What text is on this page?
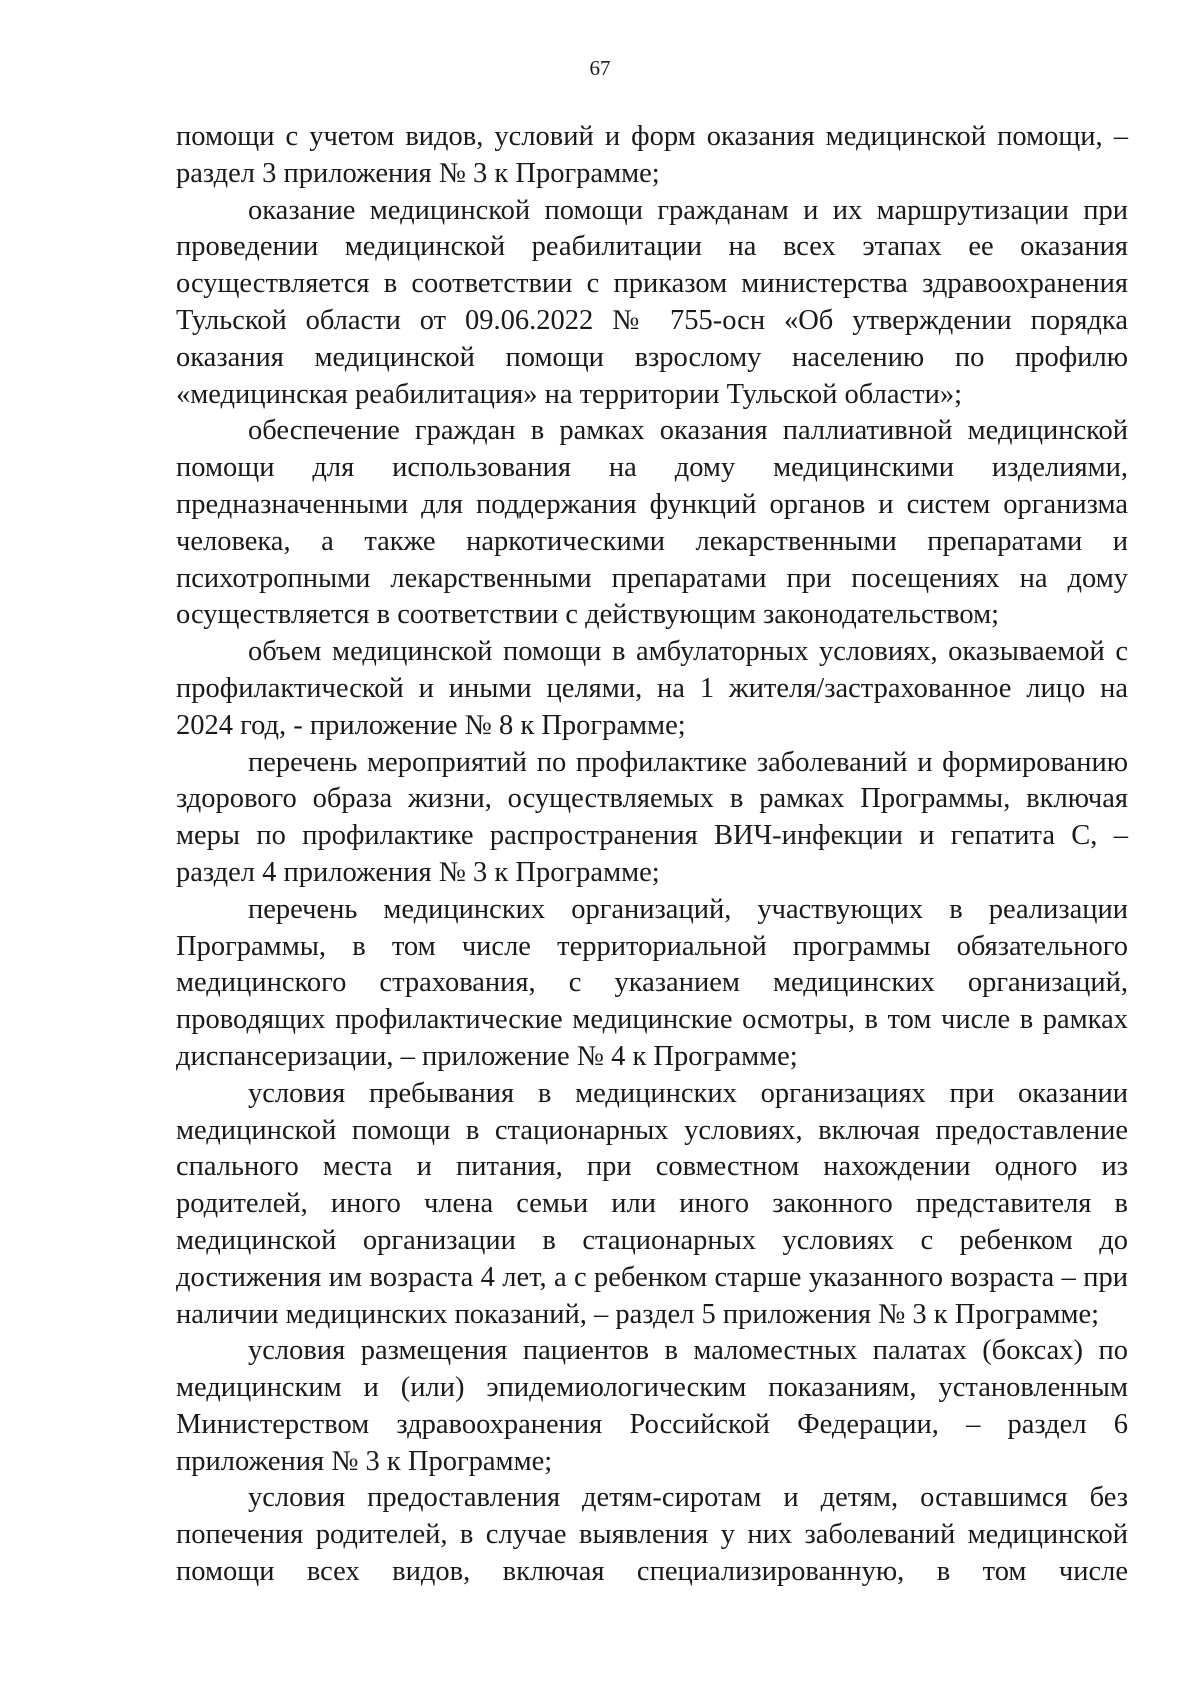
67

помощи с учетом видов, условий и форм оказания медицинской помощи, – раздел 3 приложения № 3 к Программе;

оказание медицинской помощи гражданам и их маршрутизации при проведении медицинской реабилитации на всех этапах ее оказания осуществляется в соответствии с приказом министерства здравоохранения Тульской области от 09.06.2022 № 755-осн «Об утверждении порядка оказания медицинской помощи взрослому населению по профилю «медицинская реабилитация» на территории Тульской области»;

обеспечение граждан в рамках оказания паллиативной медицинской помощи для использования на дому медицинскими изделиями, предназначенными для поддержания функций органов и систем организма человека, а также наркотическими лекарственными препаратами и психотропными лекарственными препаратами при посещениях на дому осуществляется в соответствии с действующим законодательством;

объем медицинской помощи в амбулаторных условиях, оказываемой с профилактической и иными целями, на 1 жителя/застрахованное лицо на 2024 год, - приложение № 8 к Программе;

перечень мероприятий по профилактике заболеваний и формированию здорового образа жизни, осуществляемых в рамках Программы, включая меры по профилактике распространения ВИЧ-инфекции и гепатита С, – раздел 4 приложения № 3 к Программе;

перечень медицинских организаций, участвующих в реализации Программы, в том числе территориальной программы обязательного медицинского страхования, с указанием медицинских организаций, проводящих профилактические медицинские осмотры, в том числе в рамках диспансеризации, – приложение № 4 к Программе;

условия пребывания в медицинских организациях при оказании медицинской помощи в стационарных условиях, включая предоставление спального места и питания, при совместном нахождении одного из родителей, иного члена семьи или иного законного представителя в медицинской организации в стационарных условиях с ребенком до достижения им возраста 4 лет, а с ребенком старше указанного возраста – при наличии медицинских показаний, – раздел 5 приложения № 3 к Программе;

условия размещения пациентов в маломестных палатах (боксах) по медицинским и (или) эпидемиологическим показаниям, установленным Министерством здравоохранения Российской Федерации, – раздел 6 приложения № 3 к Программе;

условия предоставления детям-сиротам и детям, оставшимся без попечения родителей, в случае выявления у них заболеваний медицинской помощи всех видов, включая специализированную, в том числе
